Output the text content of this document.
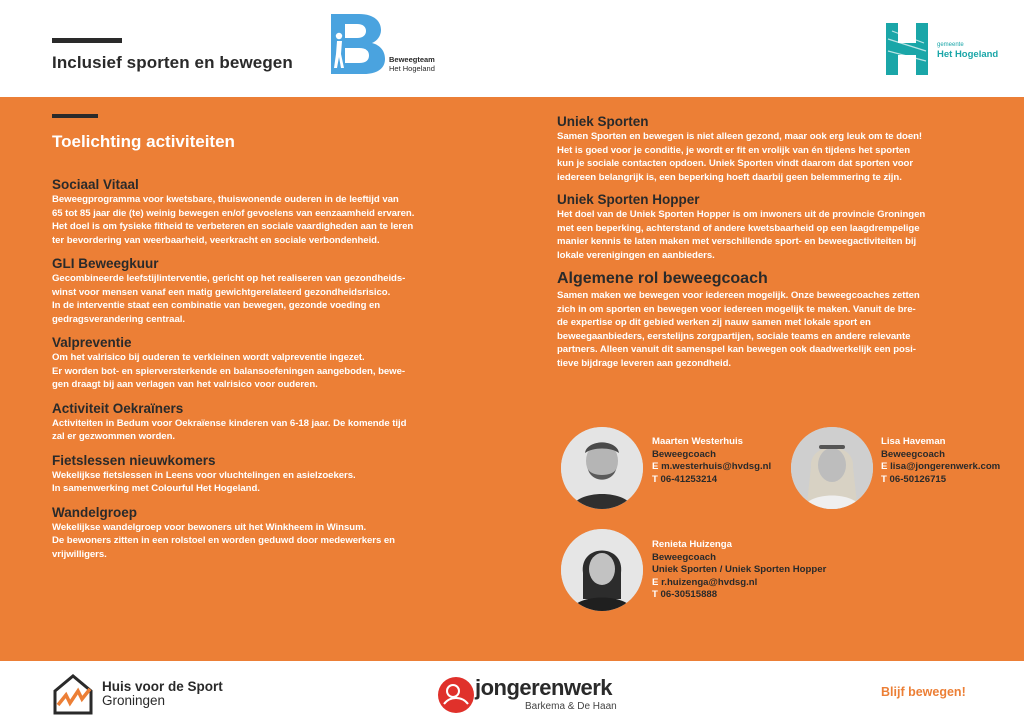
Inclusief sporten en bewegen	Beweegteam
Het Hogeland
gemeente
Het Hogeland
Toelichting activiteiten
Sociaal Vitaal

Beweegprogramma voor kwetsbare, thuiswonende ouderen in de leeftijd van
65 tot 85 jaar die (te) weinig bewegen en/of gevoelens van eenzaamheid ervaren.
Het doel is om fysieke fitheid te verbeteren en sociale vaardigheden aan te leren
ter bevordering van weerbaarheid, veerkracht en sociale verbondenheid.

GLI Beweegkuur

Gecombineerde leefstijlinterventie, gericht op het realiseren van gezondheids-
winst voor mensen vanaf een matig gewichtgerelateerd gezondheidsrisico.
In de interventie staat een combinatie van bewegen, gezonde voeding en
gedragsverandering centraal.

Valpreventie

Om het valrisico bij ouderen te verkleinen wordt valpreventie ingezet.
Er worden bot- en spierversterkende en balansoefeningen aangeboden, bewe-
gen draagt bij aan verlagen van het valrisico voor ouderen.

Activiteit Oekraïners

Activiteiten in Bedum voor Oekraïense kinderen van 6-18 jaar. De komende tijd
zal er gezwommen worden.

Fietslessen nieuwkomers

Wekelijkse fietslessen in Leens voor vluchtelingen en asielzoekers.
In samenwerking met Colourful Het Hogeland.

Wandelgroep

Wekelijkse wandelgroep voor bewoners uit het Winkheem in Winsum.
De bewoners zitten in een rolstoel en worden geduwd door medewerkers en
vrijwilligers.

Uniek Sporten

Samen Sporten en bewegen is niet alleen gezond, maar ook erg leuk om te doen!
Het is goed voor je conditie, je wordt er fit en vrolijk van én tijdens het sporten
kun je sociale contacten opdoen. Uniek Sporten vindt daarom dat sporten voor
iedereen belangrijk is, een beperking hoeft daarbij geen belemmering te zijn.

Uniek Sporten Hopper

Het doel van de Uniek Sporten Hopper is om inwoners uit de provincie Groningen
met een beperking, achterstand of andere kwetsbaarheid op een laagdrempelige
manier kennis te laten maken met verschillende sport- en beweegactiviteiten bij
lokale verenigingen en aanbieders.

Algemene rol beweegcoach

Samen maken we bewegen voor iedereen mogelijk. Onze beweegcoaches zetten
zich in om sporten en bewegen voor iedereen mogelijk te maken. Vanuit de bre-
de expertise op dit gebied werken zij nauw samen met lokale sport en
beweegaanbieders, eerstelijns zorgpartijen, sociale teams en andere relevante
partners. Alleen vanuit dit samenspel kan bewegen ook daadwerkelijk een posi-
tieve bijdrage leveren aan gezondheid.

Maarten Westerhuis
Beweegcoach
E m.westerhuis@hvdsg.nl
T 06-41253214
Lisa Haveman
Beweegcoach
E lisa@jongerenwerk.com
T 06-50126715
Renieta Huizenga
Beweegcoach
Uniek Sporten / Uniek Sporten Hopper
E r.huizenga@hvdsg.nl
T 06-30515888
Huis voor de Sport
Groningen
jongerenwerk
Barkema & De Haan
Blijf bewegen!
